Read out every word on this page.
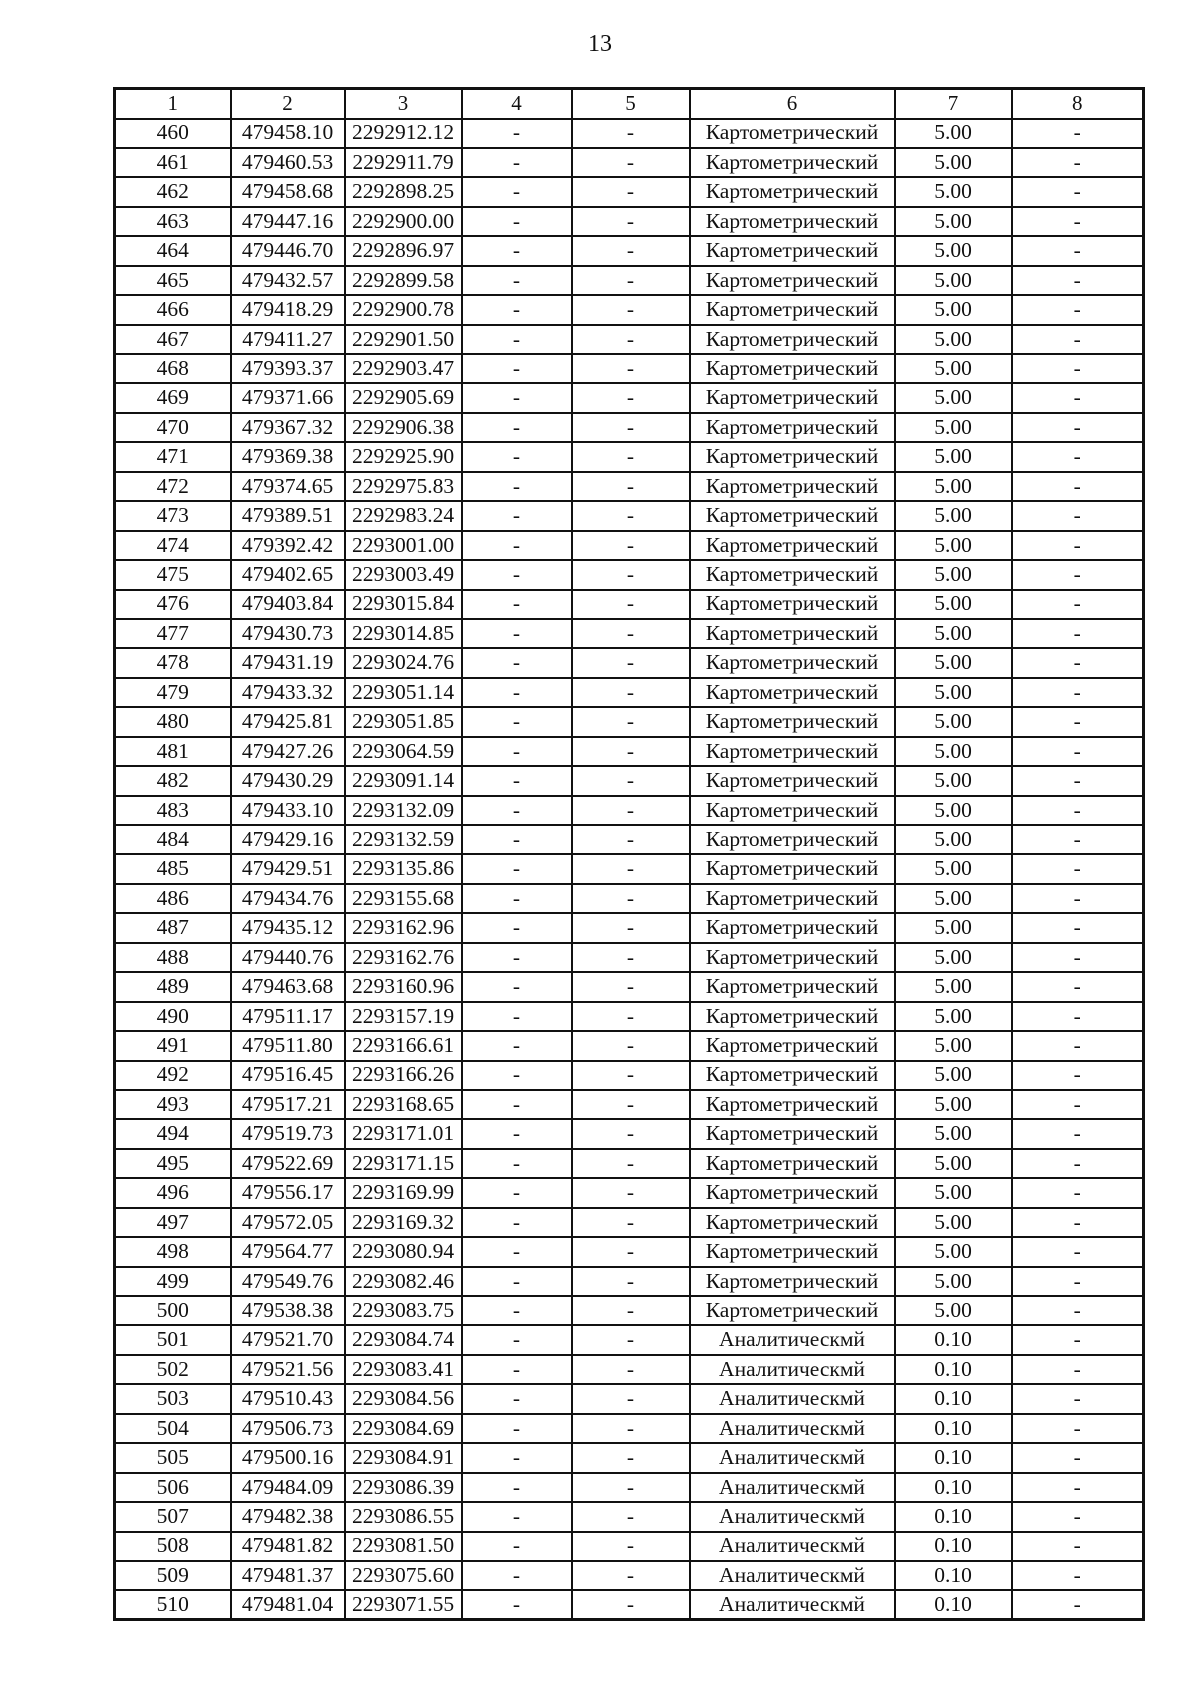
13
1	2	3	4	5	6	7	8
460	479458.10	2292912.12	-	-	Картометрический	5.00	-
461	479460.53	2292911.79	-	-	Картометрический	5.00	-
462	479458.68	2292898.25	-	-	Картометрический	5.00	-
463	479447.16	2292900.00	-	-	Картометрический	5.00	-
464	479446.70	2292896.97	-	-	Картометрический	5.00	-
465	479432.57	2292899.58	-	-	Картометрический	5.00	-
466	479418.29	2292900.78	-	-	Картометрический	5.00	-
467	479411.27	2292901.50	-	-	Картометрический	5.00	-
468	479393.37	2292903.47	-	-	Картометрический	5.00	-
469	479371.66	2292905.69	-	-	Картометрический	5.00	-
470	479367.32	2292906.38	-	-	Картометрический	5.00	-
471	479369.38	2292925.90	-	-	Картометрический	5.00	-
472	479374.65	2292975.83	-	-	Картометрический	5.00	-
473	479389.51	2292983.24	-	-	Картометрический	5.00	-
474	479392.42	2293001.00	-	-	Картометрический	5.00	-
475	479402.65	2293003.49	-	-	Картометрический	5.00	-
476	479403.84	2293015.84	-	-	Картометрический	5.00	-
477	479430.73	2293014.85	-	-	Картометрический	5.00	-
478	479431.19	2293024.76	-	-	Картометрический	5.00	-
479	479433.32	2293051.14	-	-	Картометрический	5.00	-
480	479425.81	2293051.85	-	-	Картометрический	5.00	-
481	479427.26	2293064.59	-	-	Картометрический	5.00	-
482	479430.29	2293091.14	-	-	Картометрический	5.00	-
483	479433.10	2293132.09	-	-	Картометрический	5.00	-
484	479429.16	2293132.59	-	-	Картометрический	5.00	-
485	479429.51	2293135.86	-	-	Картометрический	5.00	-
486	479434.76	2293155.68	-	-	Картометрический	5.00	-
487	479435.12	2293162.96	-	-	Картометрический	5.00	-
488	479440.76	2293162.76	-	-	Картометрический	5.00	-
489	479463.68	2293160.96	-	-	Картометрический	5.00	-
490	479511.17	2293157.19	-	-	Картометрический	5.00	-
491	479511.80	2293166.61	-	-	Картометрический	5.00	-
492	479516.45	2293166.26	-	-	Картометрический	5.00	-
493	479517.21	2293168.65	-	-	Картометрический	5.00	-
494	479519.73	2293171.01	-	-	Картометрический	5.00	-
495	479522.69	2293171.15	-	-	Картометрический	5.00	-
496	479556.17	2293169.99	-	-	Картометрический	5.00	-
497	479572.05	2293169.32	-	-	Картометрический	5.00	-
498	479564.77	2293080.94	-	-	Картометрический	5.00	-
499	479549.76	2293082.46	-	-	Картометрический	5.00	-
500	479538.38	2293083.75	-	-	Картометрический	5.00	-
501	479521.70	2293084.74	-	-	Аналитическмй	0.10	-
502	479521.56	2293083.41	-	-	Аналитическмй	0.10	-
503	479510.43	2293084.56	-	-	Аналитическмй	0.10	-
504	479506.73	2293084.69	-	-	Аналитическмй	0.10	-
505	479500.16	2293084.91	-	-	Аналитическмй	0.10	-
506	479484.09	2293086.39	-	-	Аналитическмй	0.10	-
507	479482.38	2293086.55	-	-	Аналитическмй	0.10	-
508	479481.82	2293081.50	-	-	Аналитическмй	0.10	-
509	479481.37	2293075.60	-	-	Аналитическмй	0.10	-
510	479481.04	2293071.55	-	-	Аналитическмй	0.10	-
